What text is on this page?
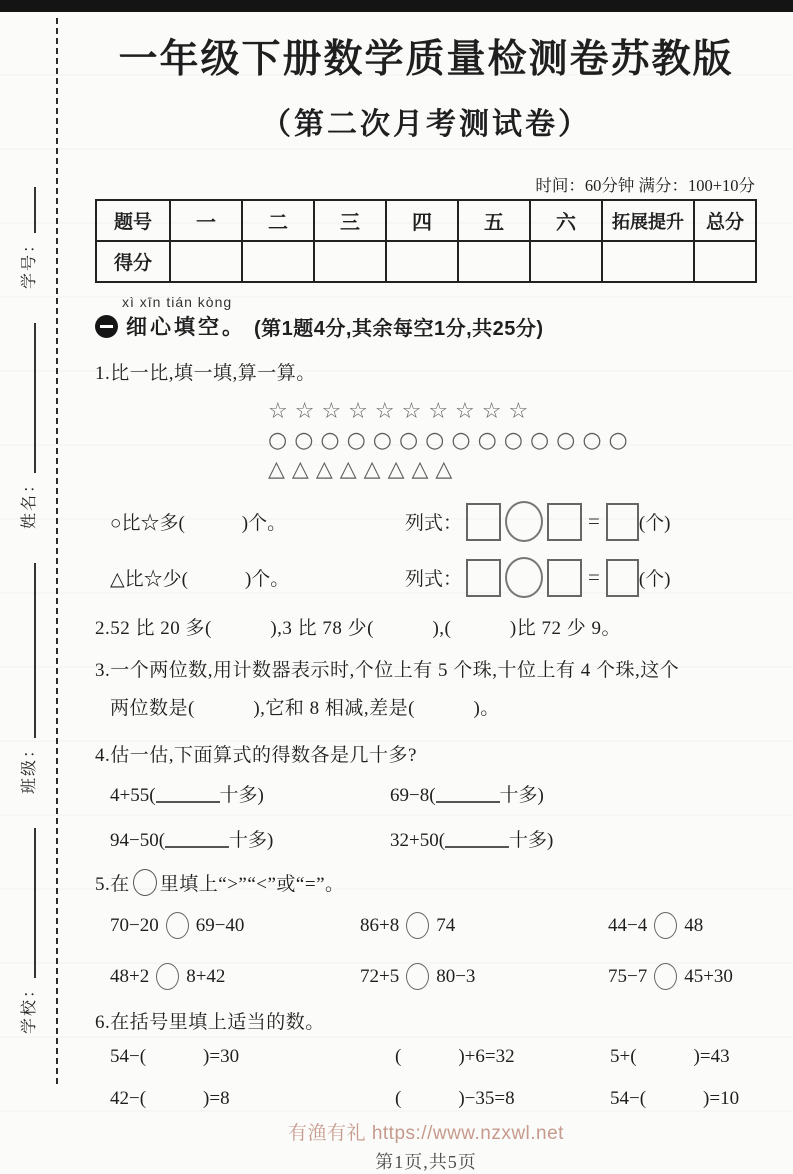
学校：
班级：
姓名：
学号：
一年级下册数学质量检测卷苏教版
（第二次月考测试卷）
时间：60分钟 满分：100+10分
题号	一	二	三	四	五	六	拓展提升	总分
得分								
xì xīn tián kòng
细心填空。 (第1题4分,其余每空1分,共25分)
1.比一比,填一填,算一算。
☆☆☆☆☆☆☆☆☆☆
○○○○○○○○○○○○○○
△△△△△△△△
○比☆多(   )个。	列式：	= (个)
△比☆少(   )个。	列式：	= (个)
2.52 比 20 多(   ),3 比 78 少(   ),(   )比 72 少 9。
3.一个两位数,用计数器表示时,个位上有 5 个珠,十位上有 4 个珠,这个
两位数是(   ),它和 8 相减,差是(   )。
4.估一估,下面算式的得数各是几十多?
4+55(	十多)	69−8(	十多)
94−50(	十多)	32+50(	十多)
5.在 里填上“>”“<”或“=”。
70−20 69−40	86+8 74	44−4 48
48+2 8+42	72+5 80−3	75−7 45+30
6.在括号里填上适当的数。
54−(   )=30	(   )+6=32	5+(   )=43
42−(   )=8	(   )−35=8	54−(   )=10
有渔有礼 https://www.nzxwl.net
第1页,共5页
